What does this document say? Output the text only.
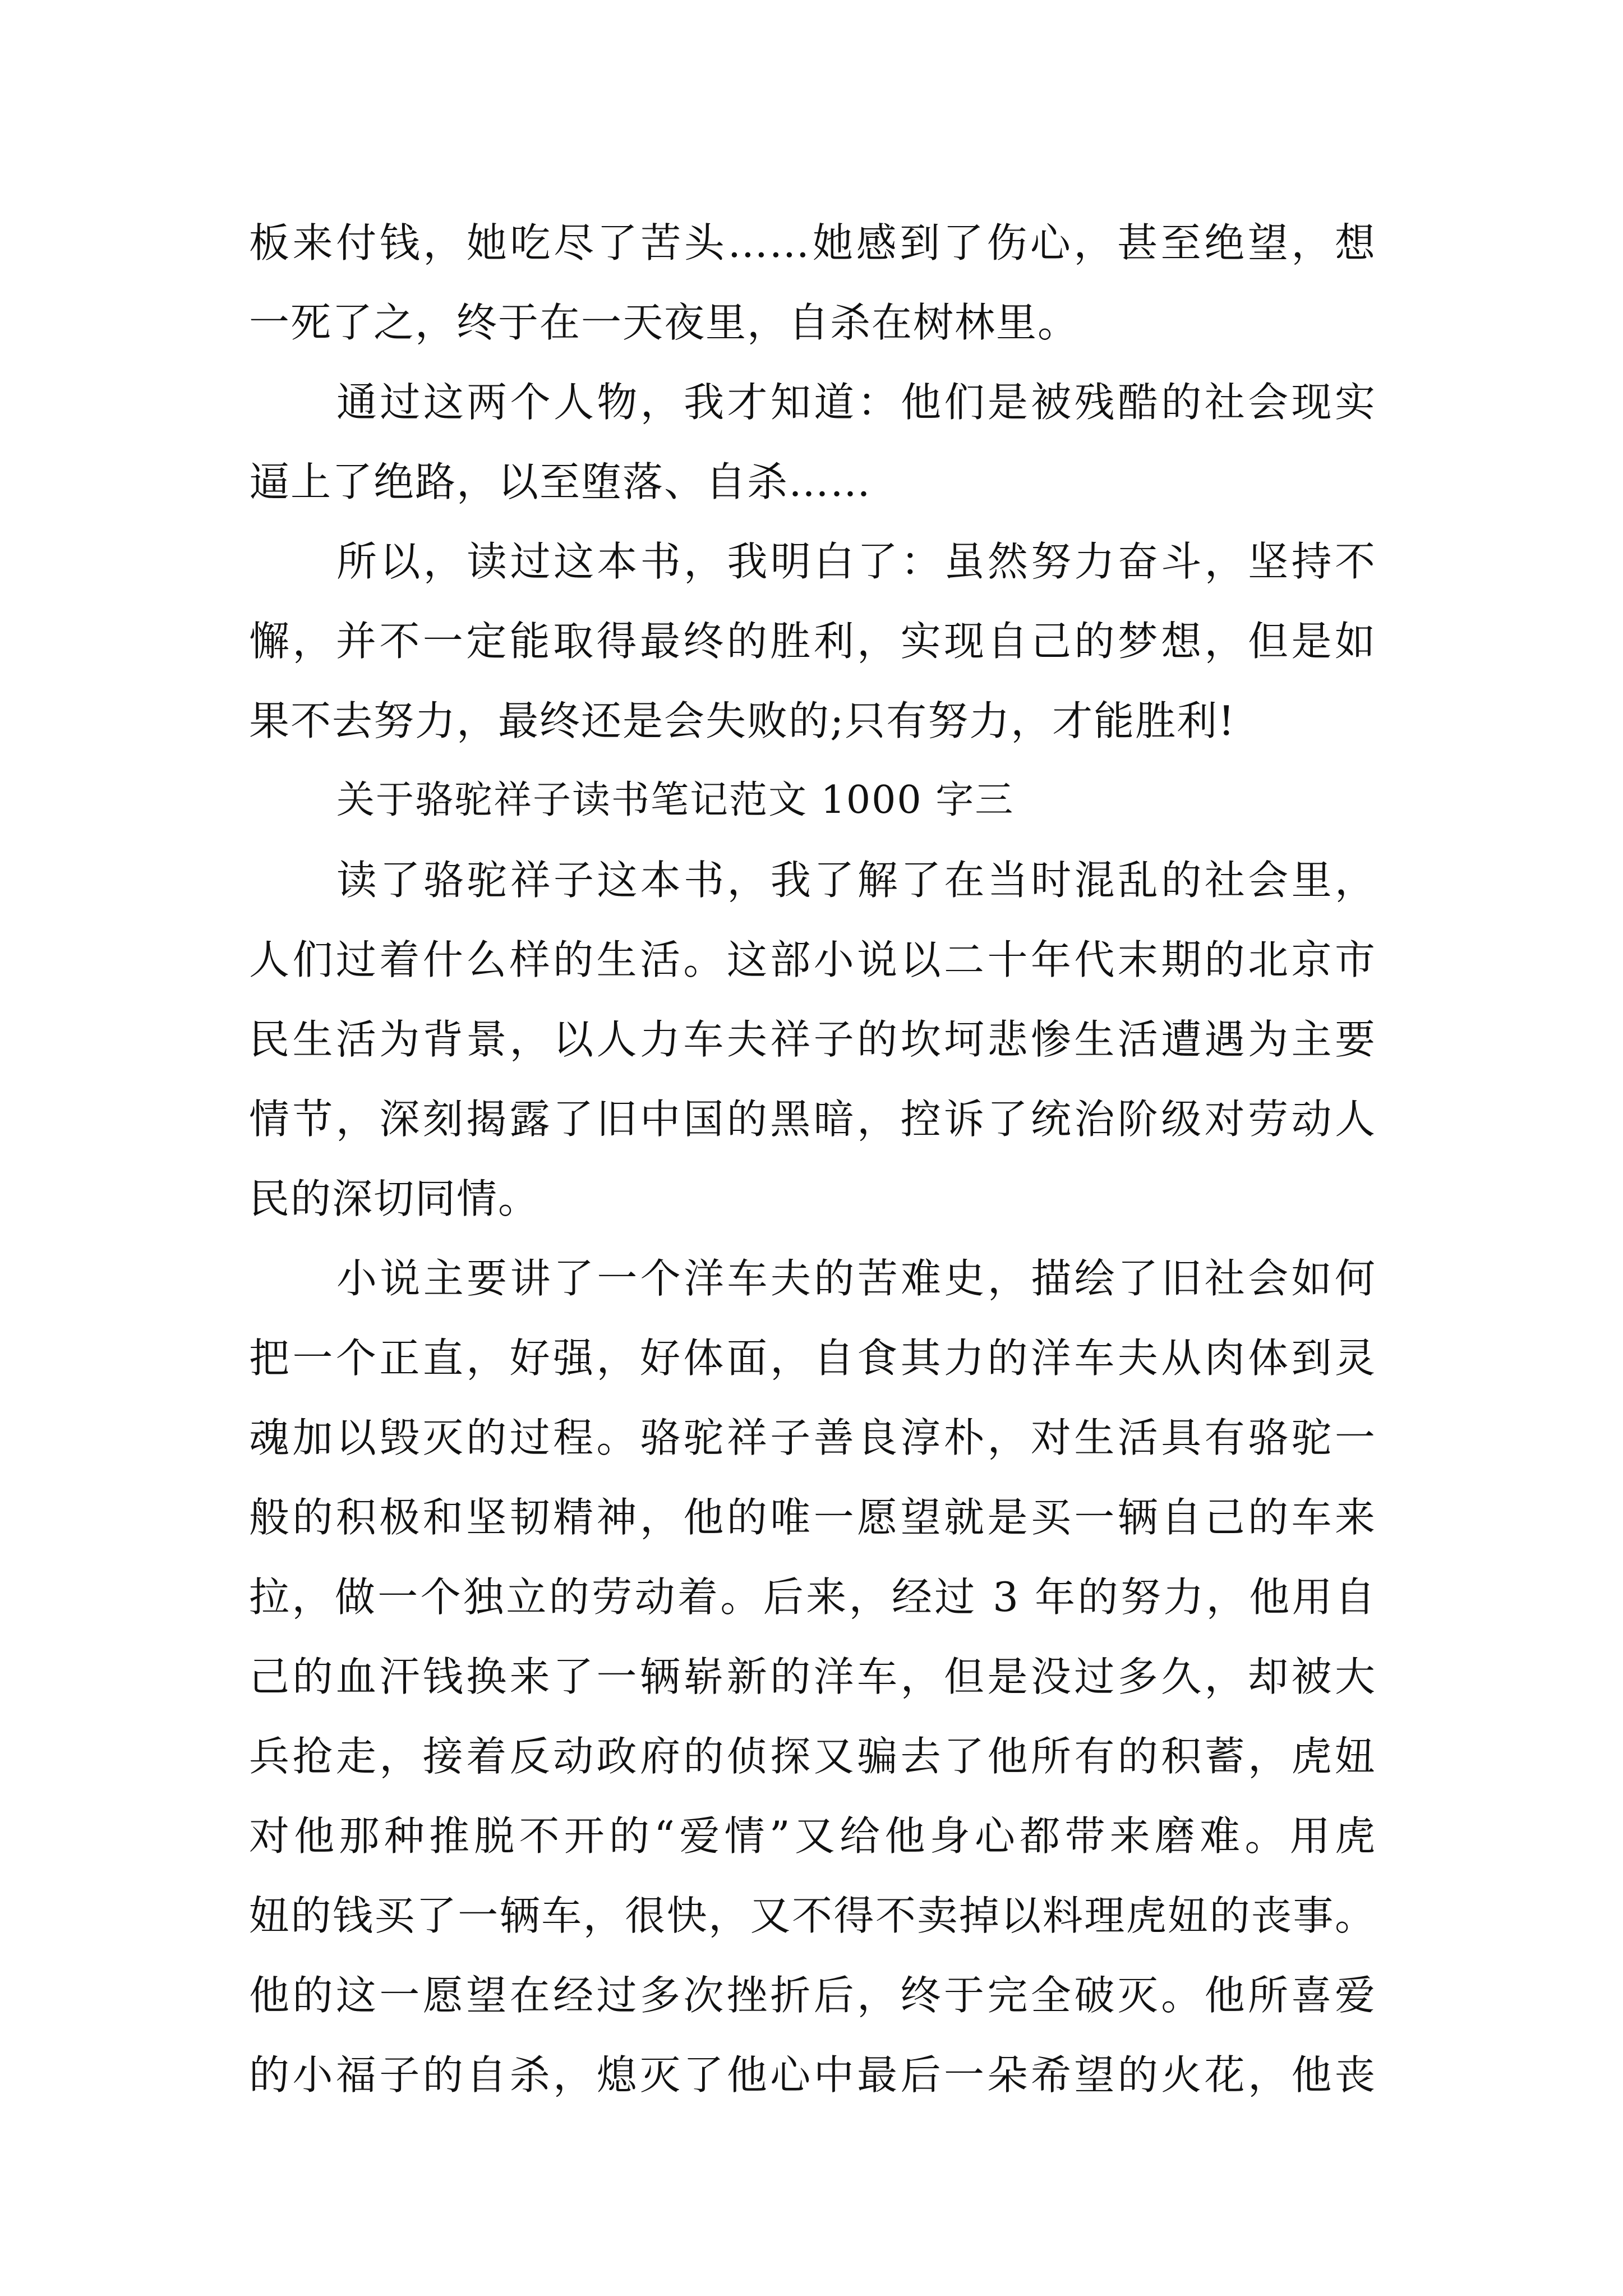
板来付钱，她吃尽了苦头……她感到了伤心，甚至绝望，想
一死了之，终于在一天夜里，自杀在树林里。
通过这两个人物，我才知道：他们是被残酷的社会现实
逼上了绝路，以至堕落、自杀……
所以，读过这本书，我明白了：虽然努力奋斗，坚持不
懈，并不一定能取得最终的胜利，实现自己的梦想，但是如
果不去努力，最终还是会失败的;只有努力，才能胜利!
关于骆驼祥子读书笔记范文 1000 字三
读了骆驼祥子这本书，我了解了在当时混乱的社会里，
人们过着什么样的生活。这部小说以二十年代末期的北京市
民生活为背景，以人力车夫祥子的坎坷悲惨生活遭遇为主要
情节，深刻揭露了旧中国的黑暗，控诉了统治阶级对劳动人
民的深切同情。
小说主要讲了一个洋车夫的苦难史，描绘了旧社会如何
把一个正直，好强，好体面，自食其力的洋车夫从肉体到灵
魂加以毁灭的过程。骆驼祥子善良淳朴，对生活具有骆驼一
般的积极和坚韧精神，他的唯一愿望就是买一辆自己的车来
拉，做一个独立的劳动着。后来，经过 3 年的努力，他用自
己的血汗钱换来了一辆崭新的洋车，但是没过多久，却被大
兵抢走，接着反动政府的侦探又骗去了他所有的积蓄，虎妞
对他那种推脱不开的“爱情”又给他身心都带来磨难。用虎
妞的钱买了一辆车，很快，又不得不卖掉以料理虎妞的丧事。
他的这一愿望在经过多次挫折后，终于完全破灭。他所喜爱
的小福子的自杀，熄灭了他心中最后一朵希望的火花，他丧
